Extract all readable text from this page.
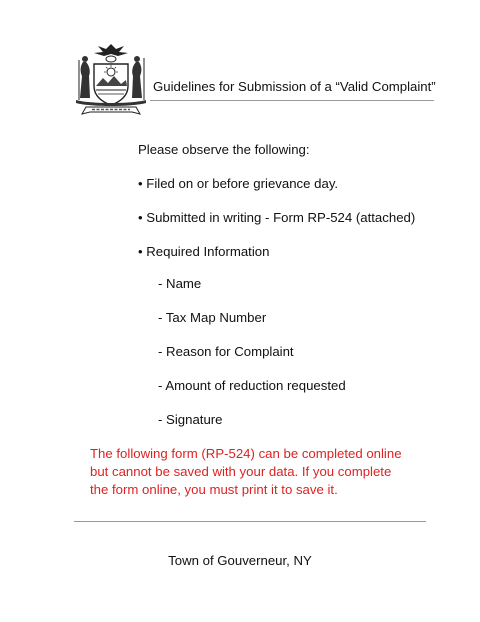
Guidelines for Submission of a “Valid Complaint”
Please observe the following:
• Filed on or before grievance day.
• Submitted in writing - Form RP-524 (attached)
• Required Information
- Name
- Tax Map Number
- Reason for Complaint
- Amount of reduction requested
- Signature
The following form (RP-524) can be completed online
but cannot be saved with your data. If you complete
the form online, you must print it to save it.
Town of Gouverneur, NY
